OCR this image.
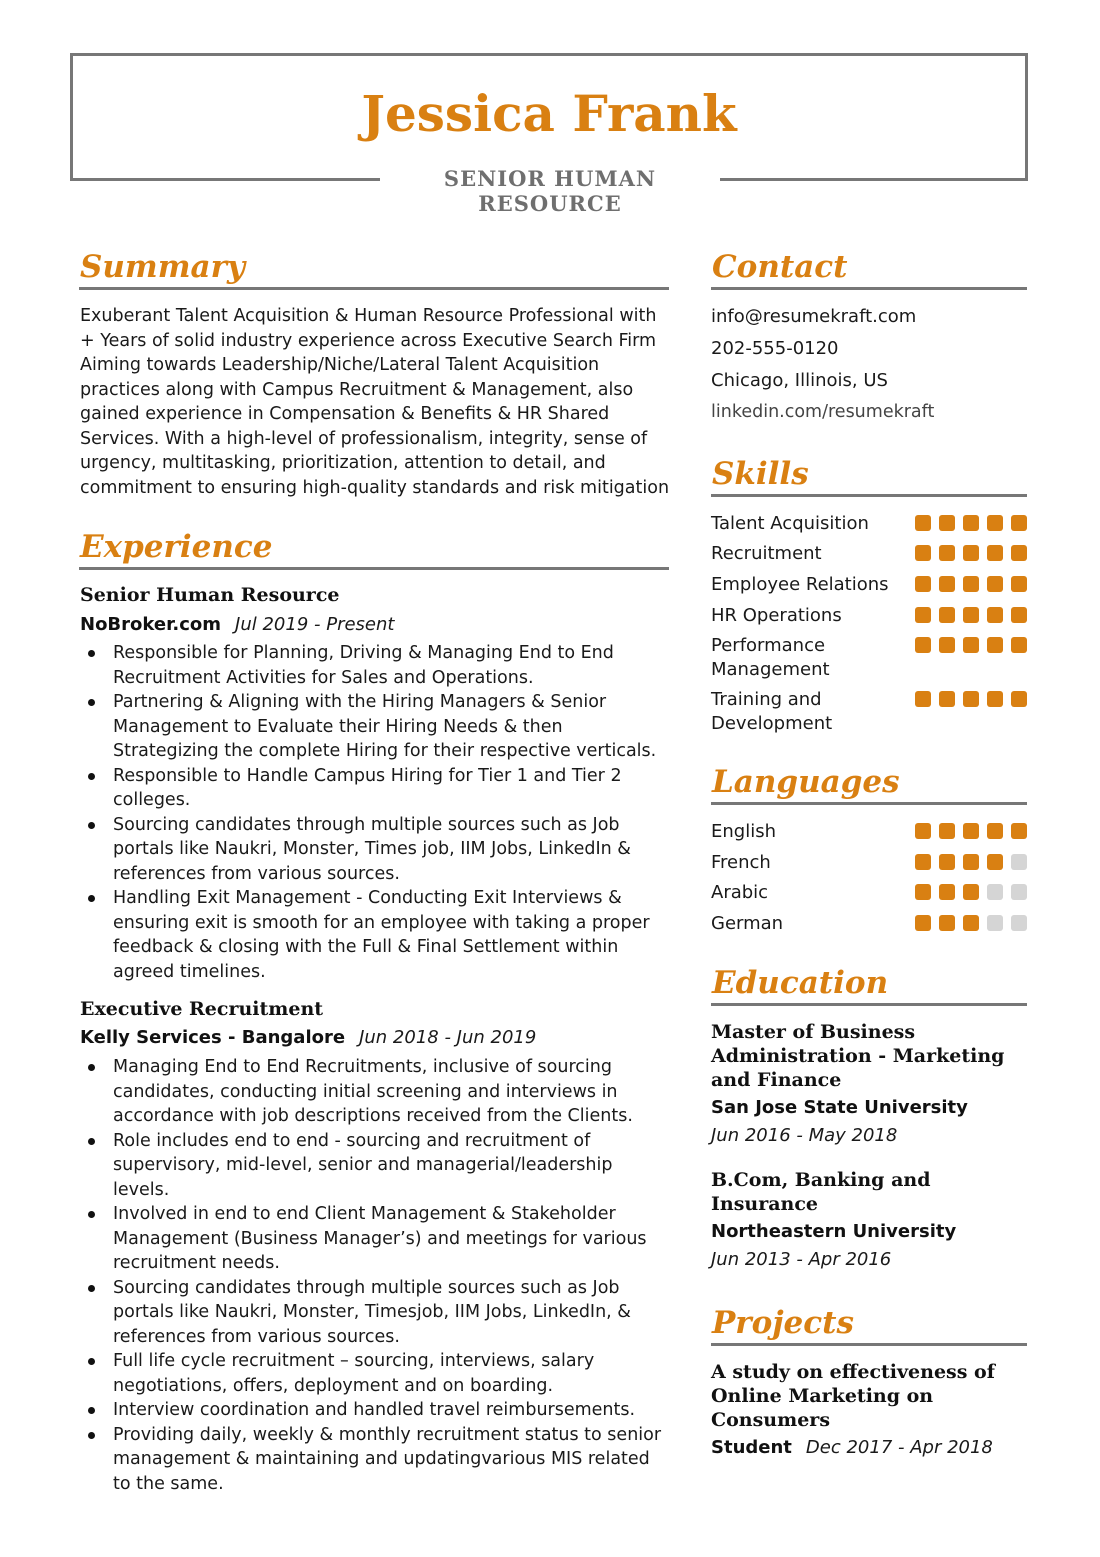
Jessica Frank
SENIOR HUMAN RESOURCE
Summary
Exuberant Talent Acquisition & Human Resource Professional with + Years of solid industry experience across Executive Search Firm Aiming towards Leadership/Niche/Lateral Talent Acquisition practices along with Campus Recruitment & Management, also gained experience in Compensation & Benefits & HR Shared Services. With a high-level of professionalism, integrity, sense of urgency, multitasking, prioritization, attention to detail, and commitment to ensuring high-quality standards and risk mitigation
Experience
Senior Human Resource
NoBroker.com Jul 2019 - Present
Responsible for Planning, Driving & Managing End to End Recruitment Activities for Sales and Operations.
Partnering & Aligning with the Hiring Managers & Senior Management to Evaluate their Hiring Needs & then Strategizing the complete Hiring for their respective verticals.
Responsible to Handle Campus Hiring for Tier 1 and Tier 2 colleges.
Sourcing candidates through multiple sources such as Job portals like Naukri, Monster, Times job, IIM Jobs, LinkedIn & references from various sources.
Handling Exit Management - Conducting Exit Interviews & ensuring exit is smooth for an employee with taking a proper feedback & closing with the Full & Final Settlement within agreed timelines.
Executive Recruitment
Kelly Services - Bangalore Jun 2018 - Jun 2019
Managing End to End Recruitments, inclusive of sourcing candidates, conducting initial screening and interviews in accordance with job descriptions received from the Clients.
Role includes end to end - sourcing and recruitment of supervisory, mid-level, senior and managerial/leadership levels.
Involved in end to end Client Management & Stakeholder Management (Business Manager’s) and meetings for various recruitment needs.
Sourcing candidates through multiple sources such as Job portals like Naukri, Monster, Timesjob, IIM Jobs, LinkedIn, & references from various sources.
Full life cycle recruitment – sourcing, interviews, salary negotiations, offers, deployment and on boarding.
Interview coordination and handled travel reimbursements.
Providing daily, weekly & monthly recruitment status to senior management & maintaining and updatingvarious MIS related to the same.
Contact
info@resumekraft.com
202-555-0120
Chicago, Illinois, US
linkedin.com/resumekraft
Skills
Talent Acquisition
Recruitment
Employee Relations
HR Operations
Performance Management
Training and Development
Languages
English
French
Arabic
German
Education
Master of Business Administration - Marketing and Finance
San Jose State University
Jun 2016 - May 2018
B.Com, Banking and Insurance
Northeastern University
Jun 2013 - Apr 2016
Projects
A study on effectiveness of Online Marketing on Consumers
Student Dec 2017 - Apr 2018
